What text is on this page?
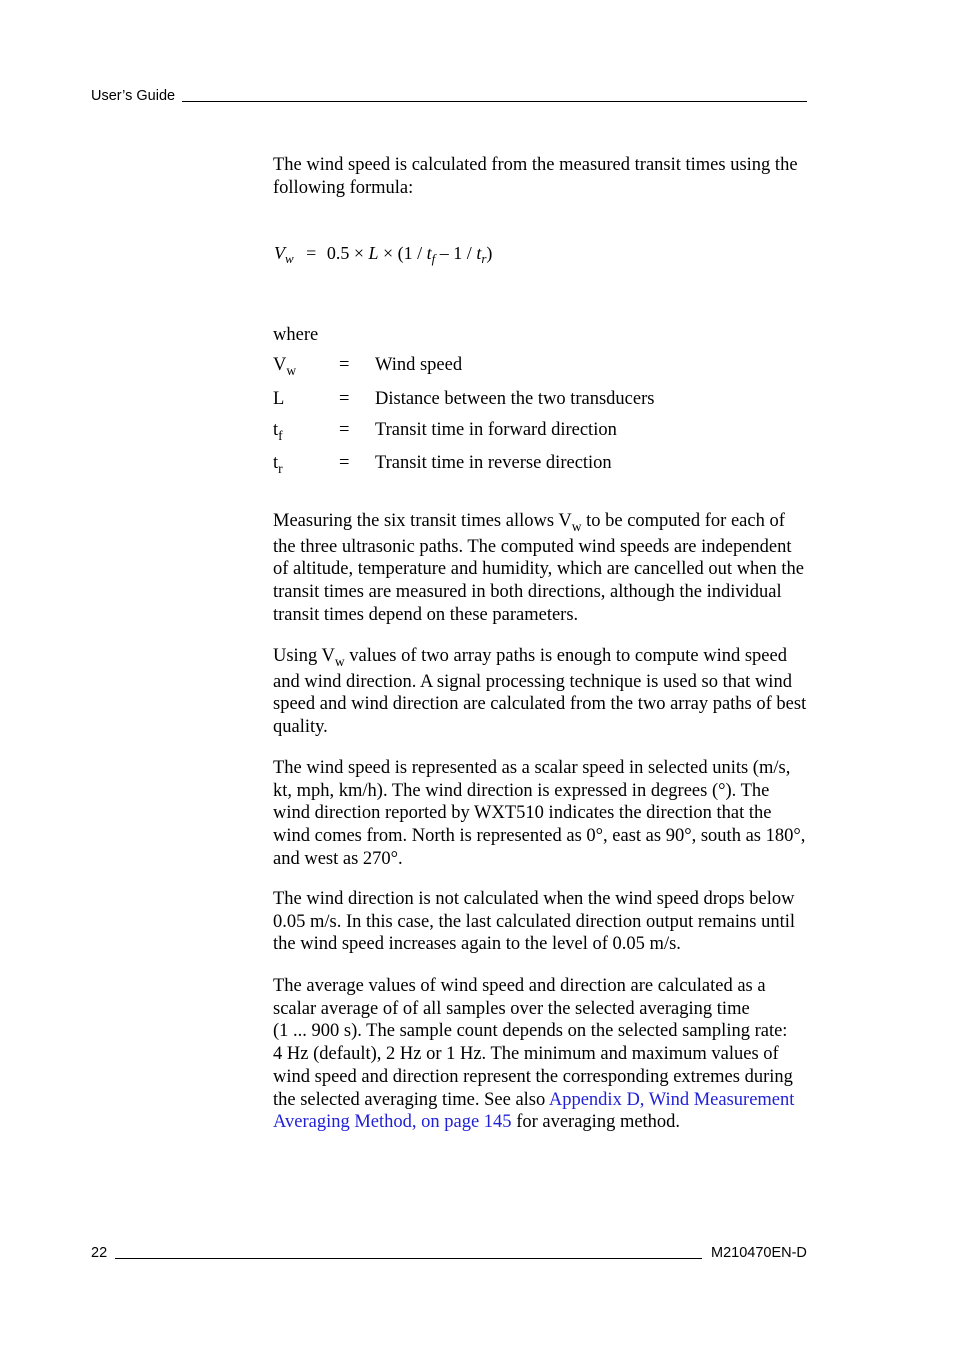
User’s Guide
The wind speed is calculated from the measured transit times using the
following formula:
$V_w = 0.5 \times L \times (1 / t_f - 1 / t_r)$
where
$V_w$ = Wind speed
L	= Distance between the two transducers
$t_f$	= Transit time in forward direction
$t_r$	= Transit time in reverse direction
Measuring the six transit times allows $V_w$ to be computed for each of
the three ultrasonic paths. The computed wind speeds are independent
of altitude, temperature and humidity, which are cancelled out when the
transit times are measured in both directions, although the individual
transit times depend on these parameters.
Using $V_w$ values of two array paths is enough to compute wind speed
and wind direction. A signal processing technique is used so that wind
speed and wind direction are calculated from the two array paths of best
quality.
The wind speed is represented as a scalar speed in selected units (m/s,
kt, mph, km/h). The wind direction is expressed in degrees (°). The
wind direction reported by WXT510 indicates the direction that the
wind comes from. North is represented as 0°, east as 90°, south as 180°,
and west as 270°.
The wind direction is not calculated when the wind speed drops below
0.05 m/s. In this case, the last calculated direction output remains until
the wind speed increases again to the level of 0.05 m/s.
The average values of wind speed and direction are calculated as a
scalar average of of all samples over the selected averaging time
(1 ... 900 s). The sample count depends on the selected sampling rate:
4 Hz (default), 2 Hz or 1 Hz. The minimum and maximum values of
wind speed and direction represent the corresponding extremes during
the selected averaging time. See also Appendix D, Wind Measurement
Averaging Method, on page 145 for averaging method.
22	M210470EN-D
